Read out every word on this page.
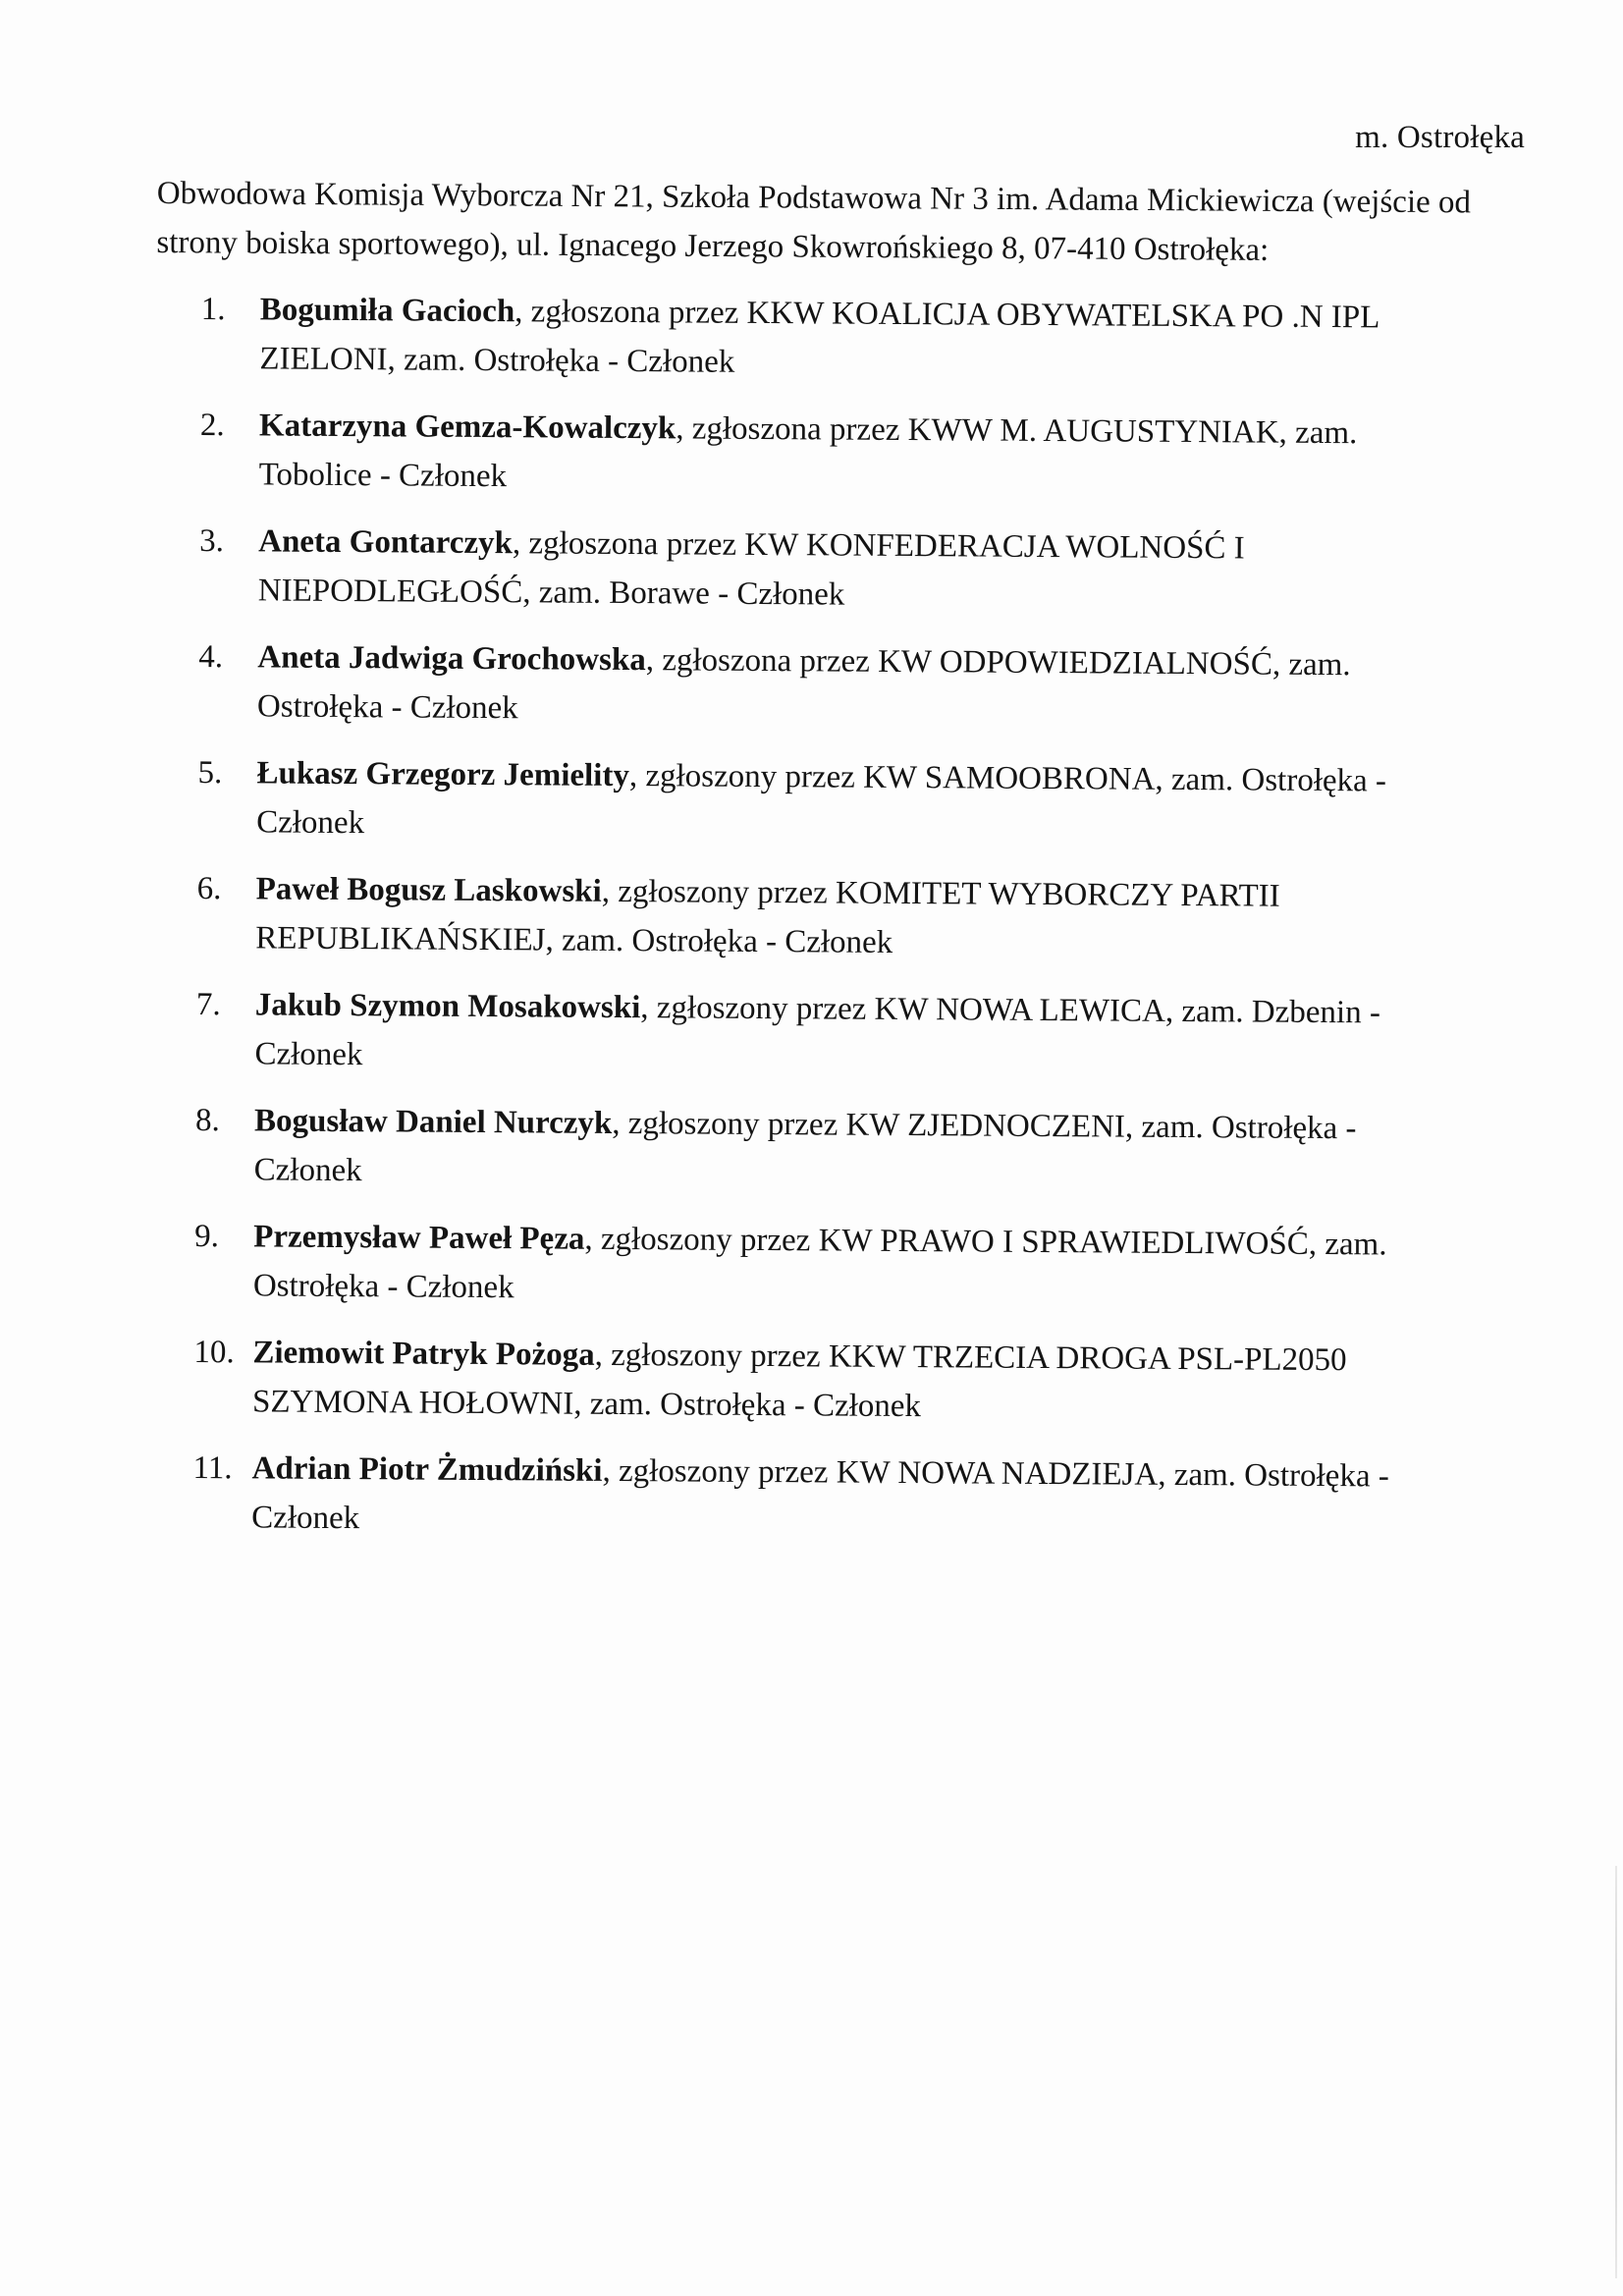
m. Ostrołęka
Obwodowa Komisja Wyborcza Nr 21, Szkoła Podstawowa Nr 3 im. Adama Mickiewicza (wejście od strony boiska sportowego), ul. Ignacego Jerzego Skowrońskiego 8, 07-410 Ostrołęka:
1.	Bogumiła Gacioch, zgłoszona przez KKW KOALICJA OBYWATELSKA PO .N IPL ZIELONI, zam. Ostrołęka - Członek
2.	Katarzyna Gemza-Kowalczyk, zgłoszona przez KWW M. AUGUSTYNIAK, zam. Tobolice - Członek
3.	Aneta Gontarczyk, zgłoszona przez KW KONFEDERACJA WOLNOŚĆ I NIEPODLEGŁOŚĆ, zam. Borawe - Członek
4.	Aneta Jadwiga Grochowska, zgłoszona przez KW ODPOWIEDZIALNOŚĆ, zam. Ostrołęka - Członek
5.	Łukasz Grzegorz Jemielity, zgłoszony przez KW SAMOOBRONA, zam. Ostrołęka - Członek
6.	Paweł Bogusz Laskowski, zgłoszony przez KOMITET WYBORCZY PARTII REPUBLIKAŃSKIEJ, zam. Ostrołęka - Członek
7.	Jakub Szymon Mosakowski, zgłoszony przez KW NOWA LEWICA, zam. Dzbenin - Członek
8.	Bogusław Daniel Nurczyk, zgłoszony przez KW ZJEDNOCZENI, zam. Ostrołęka - Członek
9.	Przemysław Paweł Pęza, zgłoszony przez KW PRAWO I SPRAWIEDLIWOŚĆ, zam. Ostrołęka - Członek
10. Ziemowit Patryk Pożoga, zgłoszony przez KKW TRZECIA DROGA PSL-PL2050 SZYMONA HOŁOWNI, zam. Ostrołęka - Członek
11. Adrian Piotr Żmudziński, zgłoszony przez KW NOWA NADZIEJA, zam. Ostrołęka - Członek
